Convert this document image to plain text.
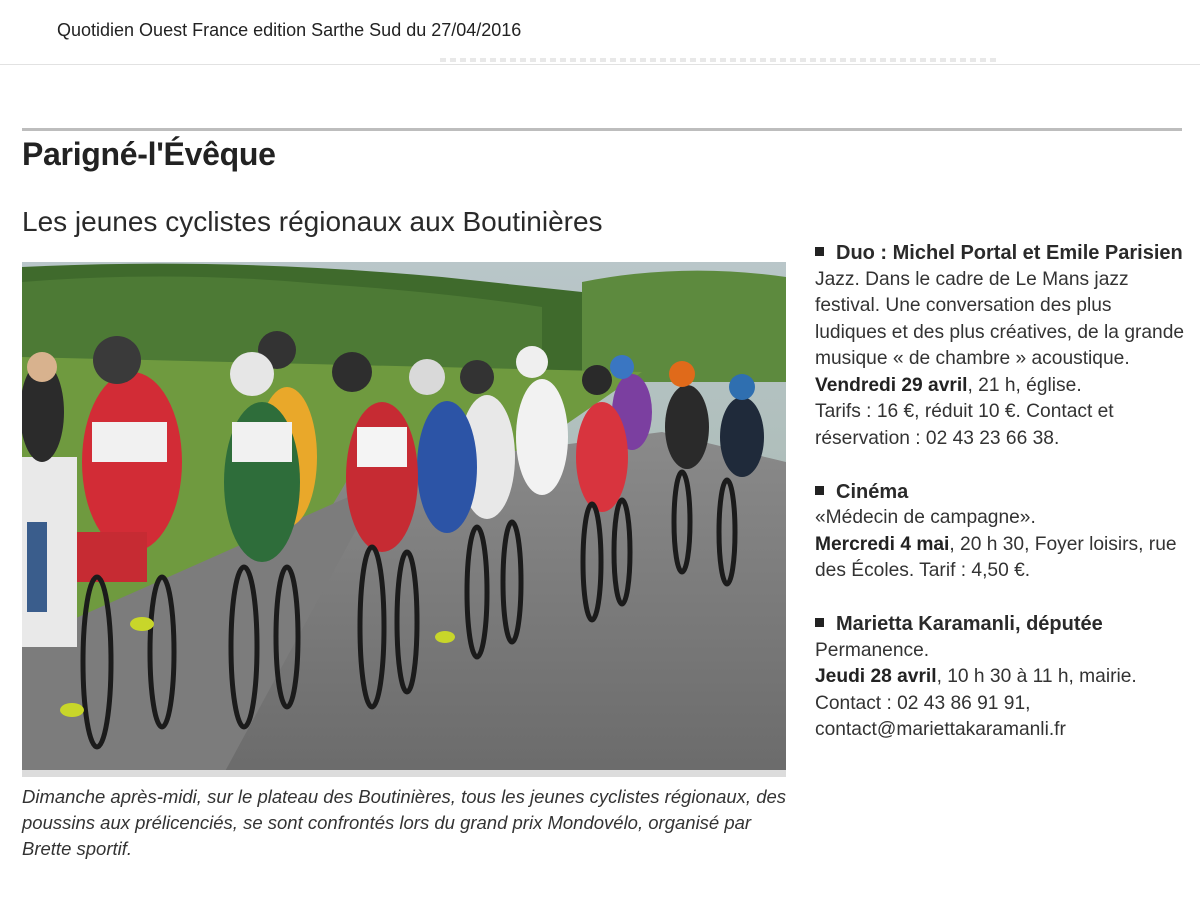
Quotidien Ouest France edition Sarthe Sud du 27/04/2016
Parigné-l'Évêque
Les jeunes cyclistes régionaux aux Boutinières
Dimanche après-midi, sur le plateau des Boutinières, tous les jeunes cyclistes régionaux, des poussins aux prélicenciés, se sont confrontés lors du grand prix Mondovélo, organisé par Brette sportif.
Duo : Michel Portal et Emile Parisien
Jazz. Dans le cadre de Le Mans jazz festival. Une conversation des plus ludiques et des plus créatives, de la grande musique « de chambre » acoustique.
Vendredi 29 avril, 21 h, église.
Tarifs : 16 €, réduit 10 €. Contact et réservation : 02 43 23 66 38.
Cinéma
«Médecin de campagne».
Mercredi 4 mai, 20 h 30, Foyer loisirs, rue des Écoles. Tarif : 4,50 €.
Marietta Karamanli, députée
Permanence.
Jeudi 28 avril, 10 h 30 à 11 h, mairie.
Contact : 02 43 86 91 91, contact@mariettakaramanli.fr
